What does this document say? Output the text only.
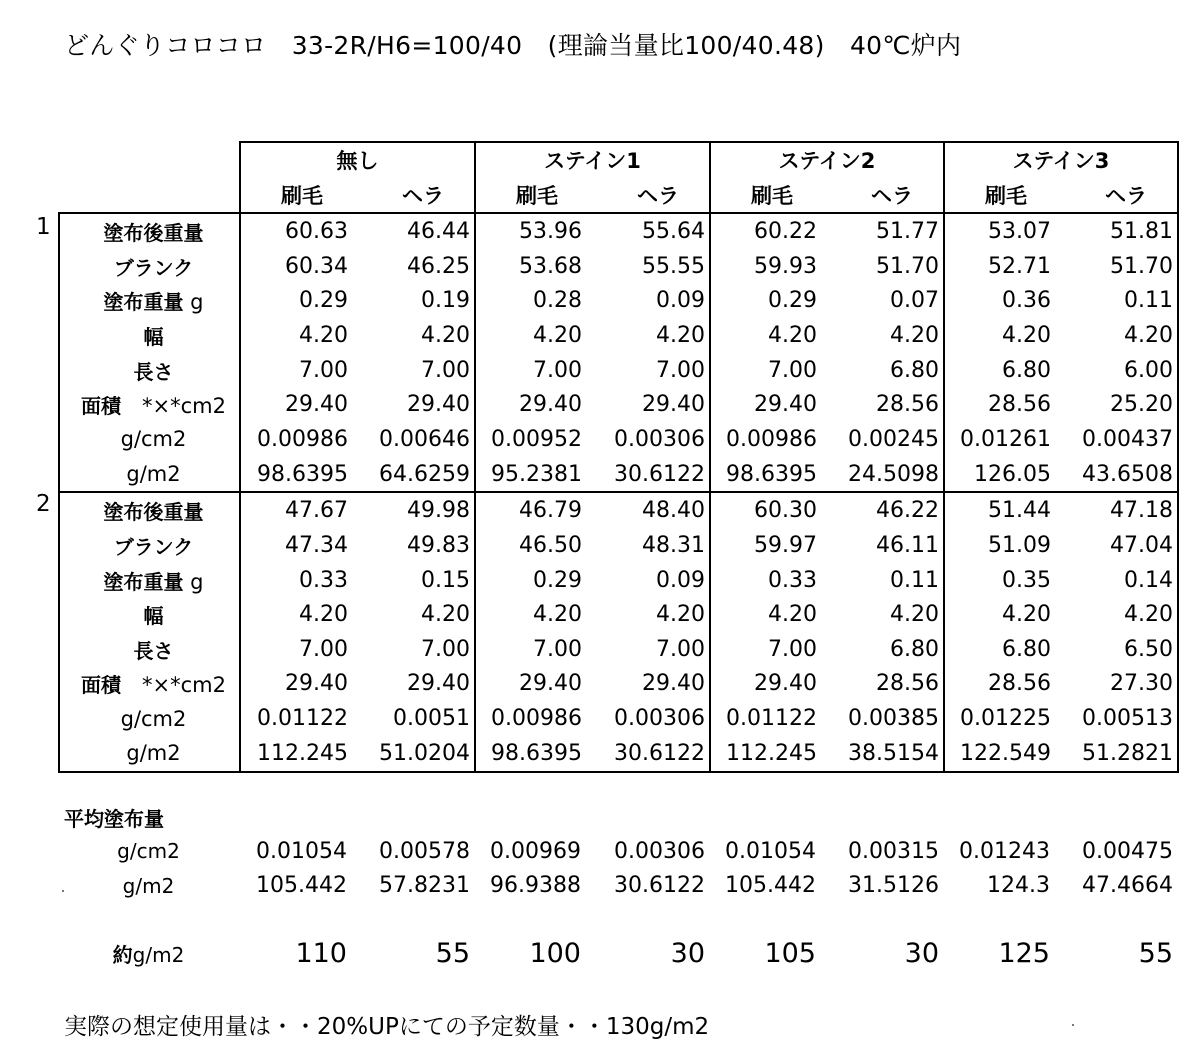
どんぐりコロコロ　33-2R/H6=100/40　(理論当量比100/40.48)　40℃炉内
	無し		ステイン1		ステイン2		ステイン3	
	刷毛	ヘラ	刷毛	ヘラ	刷毛	ヘラ	刷毛	ヘラ
塗布後重量	60.63	46.44	53.96	55.64	60.22	51.77	53.07	51.81
ブランク	60.34	46.25	53.68	55.55	59.93	51.70	52.71	51.70
塗布重量 g	0.29	0.19	0.28	0.09	0.29	0.07	0.36	0.11
幅	4.20	4.20	4.20	4.20	4.20	4.20	4.20	4.20
長さ	7.00	7.00	7.00	7.00	7.00	6.80	6.80	6.00
面積　*×*cm2	29.40	29.40	29.40	29.40	29.40	28.56	28.56	25.20
g/cm2	0.00986	0.00646	0.00952	0.00306	0.00986	0.00245	0.01261	0.00437
g/m2	98.6395	64.6259	95.2381	30.6122	98.6395	24.5098	126.05	43.6508
塗布後重量	47.67	49.98	46.79	48.40	60.30	46.22	51.44	47.18
ブランク	47.34	49.83	46.50	48.31	59.97	46.11	51.09	47.04
塗布重量 g	0.33	0.15	0.29	0.09	0.33	0.11	0.35	0.14
幅	4.20	4.20	4.20	4.20	4.20	4.20	4.20	4.20
長さ	7.00	7.00	7.00	7.00	7.00	6.80	6.80	6.50
面積　*×*cm2	29.40	29.40	29.40	29.40	29.40	28.56	28.56	27.30
g/cm2	0.01122	0.0051	0.00986	0.00306	0.01122	0.00385	0.01225	0.00513
g/m2	112.245	51.0204	98.6395	30.6122	112.245	38.5154	122.549	51.2821
1
2
平均塗布量
g/cm2	0.01054	0.00578	0.00969	0.00306	0.01054	0.00315	0.01243	0.00475
g/m2	105.442	57.8231	96.9388	30.6122	105.442	31.5126	124.3	47.4664
約g/m2	110	55	100	30	105	30	125	55
実際の想定使用量は・・20%UPにての予定数量・・130g/m2
